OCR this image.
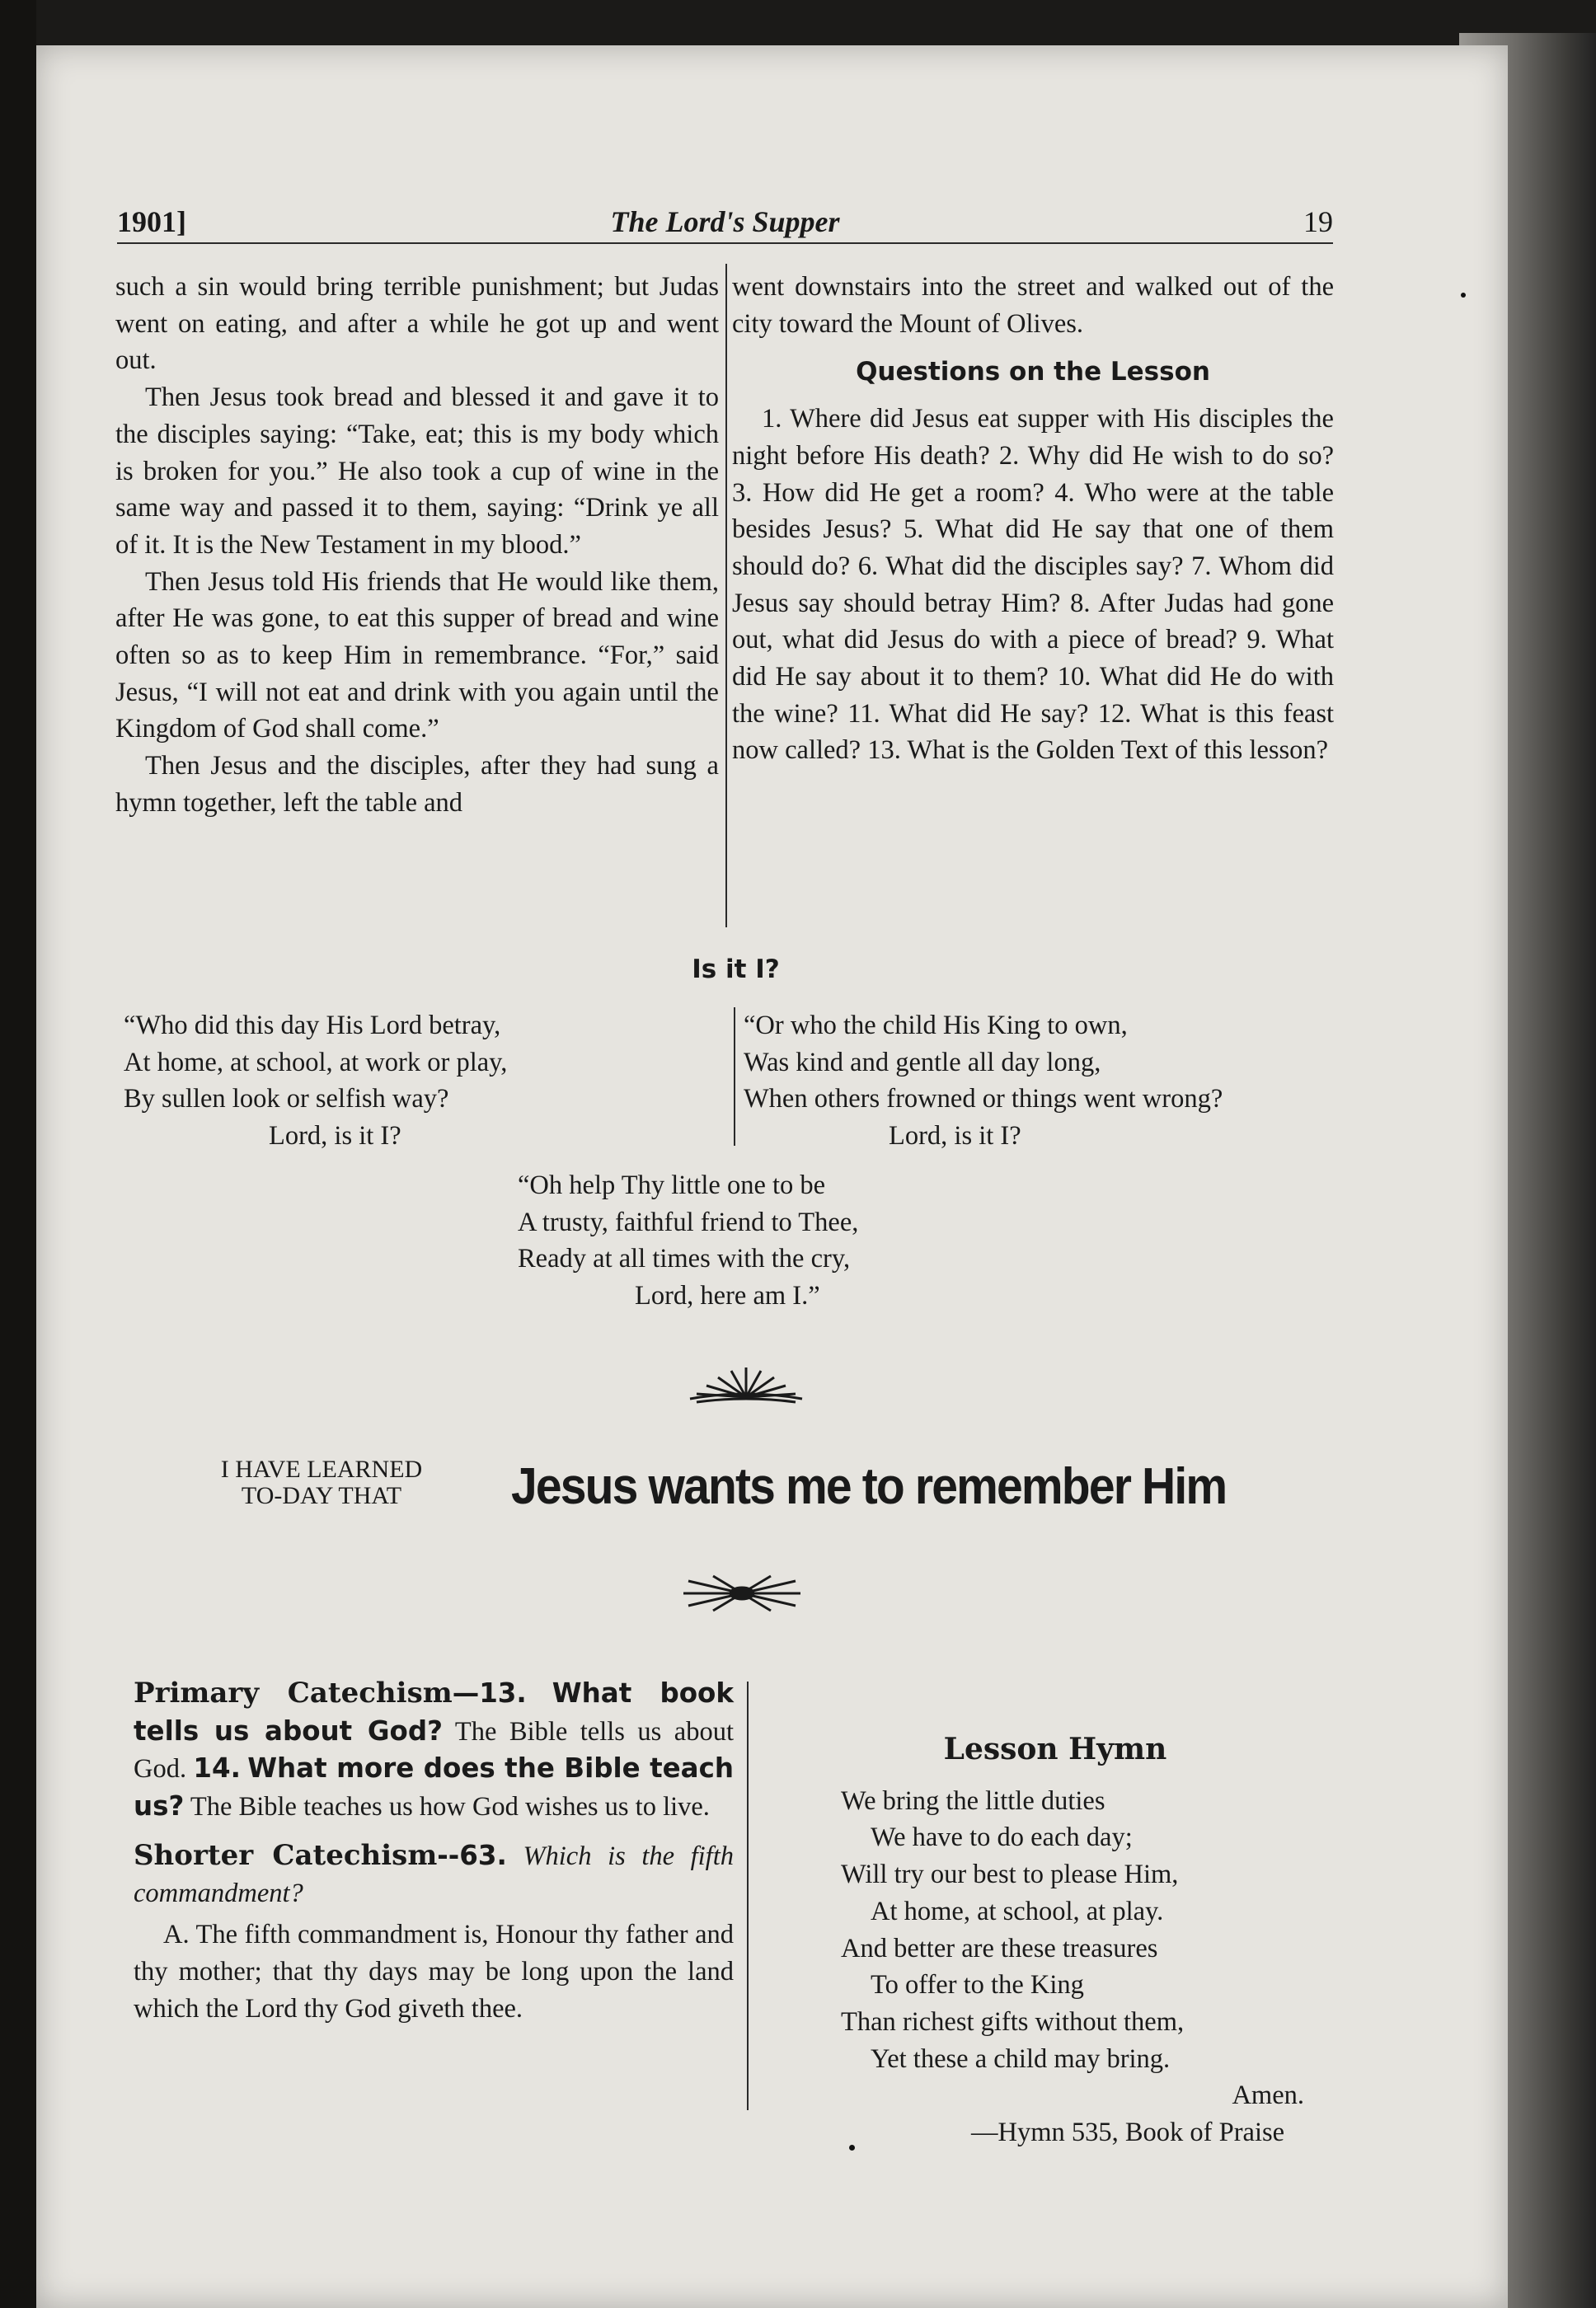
1901]	The Lord's Supper	19

such a sin would bring terrible punishment; but Judas went on eating, and after a while he got up and went out.

Then Jesus took bread and blessed it and gave it to the disciples saying: “Take, eat; this is my body which is broken for you.” He also took a cup of wine in the same way and passed it to them, saying: “Drink ye all of it. It is the New Testament in my blood.”

Then Jesus told His friends that He would like them, after He was gone, to eat this supper of bread and wine often so as to keep Him in remembrance. “For,” said Jesus, “I will not eat and drink with you again until the Kingdom of God shall come.”

Then Jesus and the disciples, after they had sung a hymn together, left the table and

went downstairs into the street and walked out of the city toward the Mount of Olives.

Questions on the Lesson

1. Where did Jesus eat supper with His disciples the night before His death? 2. Why did He wish to do so? 3. How did He get a room? 4. Who were at the table besides Jesus? 5. What did He say that one of them should do? 6. What did the disciples say? 7. Whom did Jesus say should betray Him? 8. After Judas had gone out, what did Jesus do with a piece of bread? 9. What did He say about it to them? 10. What did He do with the wine? 11. What did He say? 12. What is this feast now called? 13. What is the Golden Text of this lesson?

Is it I?
“Who did this day His Lord betray,
At home, at school, at work or play,
By sullen look or selfish way?
Lord, is it I?
“Or who the child His King to own,
Was kind and gentle all day long,
When others frowned or things went wrong?
Lord, is it I?
“Oh help Thy little one to be
A trusty, faithful friend to Thee,
Ready at all times with the cry,
Lord, here am I.”
I HAVE LEARNED
TO-DAY THAT	Jesus wants me to remember Him

Primary Catechism—13. What book tells us about God? The Bible tells us about God. 14. What more does the Bible teach us? The Bible teaches us how God wishes us to live.

Shorter Catechism--63. Which is the fifth commandment?

A. The fifth commandment is, Honour thy father and thy mother; that thy days may be long upon the land which the Lord thy God giveth thee.

Lesson Hymn
We bring the little duties
We have to do each day;
Will try our best to please Him,
At home, at school, at play.
And better are these treasures
To offer to the King
Than richest gifts without them,
Yet these a child may bring.
Amen.
—Hymn 535, Book of Praise
